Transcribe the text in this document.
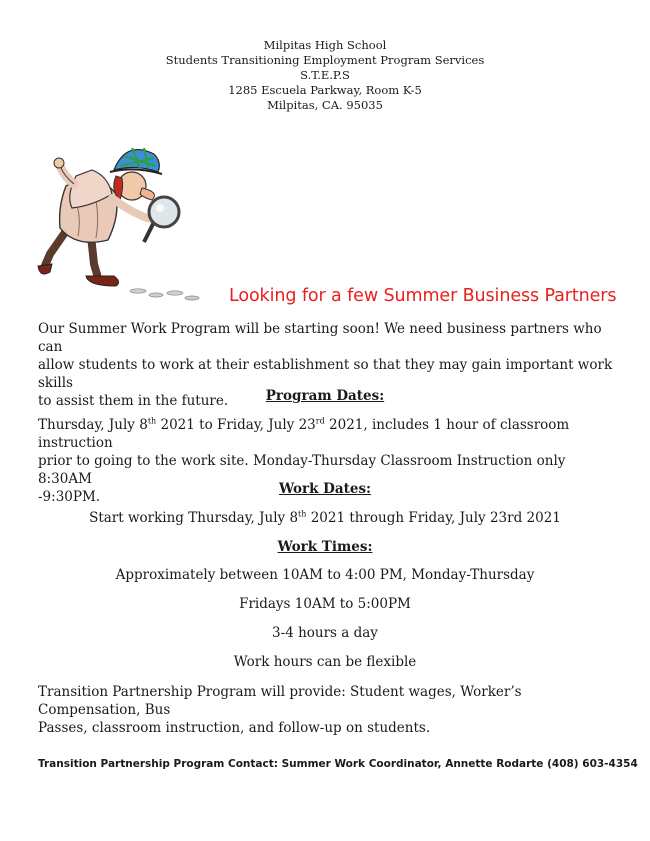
Milpitas High School
Students Transitioning Employment Program Services
S.T.E.P.S
1285 Escuela Parkway, Room K-5
Milpitas, CA. 95035
Looking for a few Summer Business Partners
Our Summer Work Program will be starting soon! We need business partners who can
allow students to work at their establishment so that they may gain important work skills
to assist them in the future.	Program Dates:
Thursday, July 8th 2021 to Friday, July 23rd 2021, includes 1 hour of classroom instruction
prior to going to the work site. Monday-Thursday Classroom Instruction only 8:30AM
-9:30PM.	Work Dates:
Start working Thursday, July 8th 2021 through Friday, July 23rd 2021
Work Times:
Approximately between 10AM to 4:00 PM, Monday-Thursday
Fridays 10AM to 5:00PM
3-4 hours a day
Work hours can be flexible
Transition Partnership Program will provide: Student wages, Worker’s Compensation, Bus
Passes, classroom instruction, and follow-up on students.
Transition Partnership Program Contact: Summer Work Coordinator, Annette Rodarte (408) 603-4354
